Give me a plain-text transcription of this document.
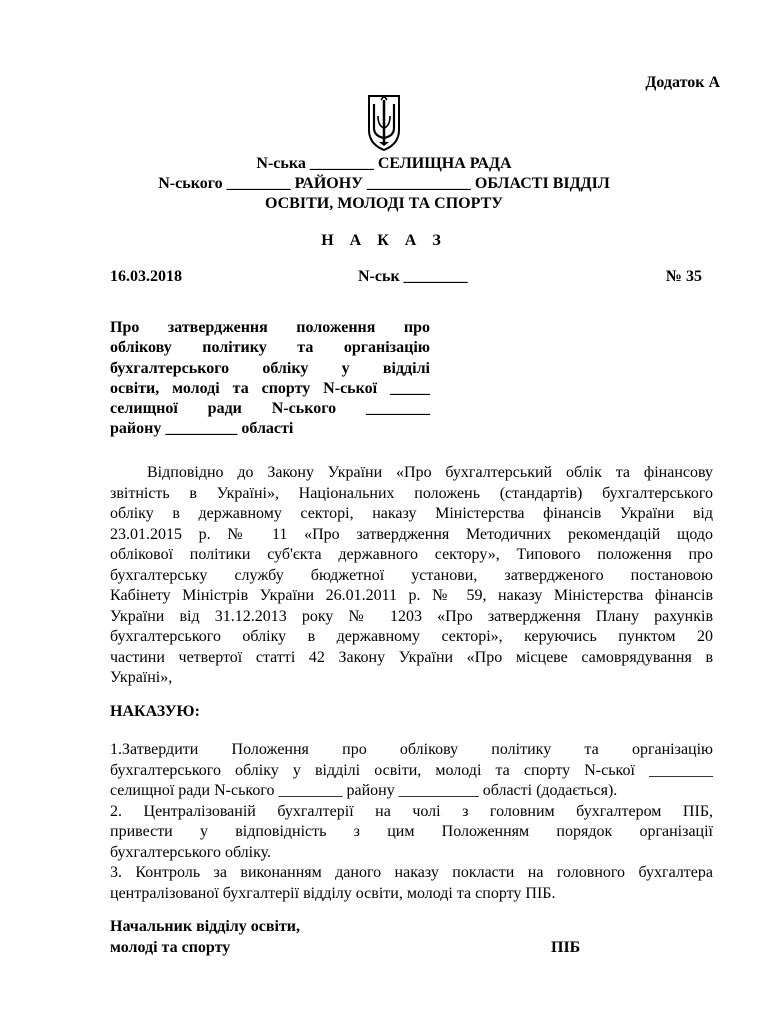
Додаток А
N-ська ________ СЕЛИЩНА РАДА
N-ського ________ РАЙОНУ _____________ ОБЛАСТІ ВІДДІЛ
ОСВІТИ, МОЛОДІ ТА СПОРТУ
Н А К А З
16.03.2018	N-ськ ________	№ 35
Про затвердження положення про
облікову політику та організацію
бухгалтерського обліку у відділі
освіти, молоді та спорту N-ської _____
селищної ради N-ського ________
району _________ області
Відповідно до Закону України «Про бухгалтерський облік та фінансову
звітність в Україні», Національних положень (стандартів) бухгалтерського
обліку в державному секторі, наказу Міністерства фінансів України від
23.01.2015 р. № 11 «Про затвердження Методичних рекомендацій щодо
облікової політики суб'єкта державного сектору», Типового положення про
бухгалтерську службу бюджетної установи, затвердженого постановою
Кабінету Міністрів України 26.01.2011 р. № 59, наказу Міністерства фінансів
України від 31.12.2013 року № 1203 «Про затвердження Плану рахунків
бухгалтерського обліку в державному секторі», керуючись пунктом 20
частини четвертої статті 42 Закону України «Про місцеве самоврядування в
Україні»,
НАКАЗУЮ:
1.Затвердити Положення про облікову політику та організацію
бухгалтерського обліку у відділі освіти, молоді та спорту N-ської ________
селищної ради N-ського ________ району __________ області (додається).
2. Централізованій бухгалтерії на чолі з головним бухгалтером ПІБ,
привести у відповідність з цим Положенням порядок організації
бухгалтерського обліку.
3. Контроль за виконанням даного наказу покласти на головного бухгалтера
централізованої бухгалтерії відділу освіти, молоді та спорту ПІБ.
Начальник відділу освіти,
молоді та спорту	ПІБ
